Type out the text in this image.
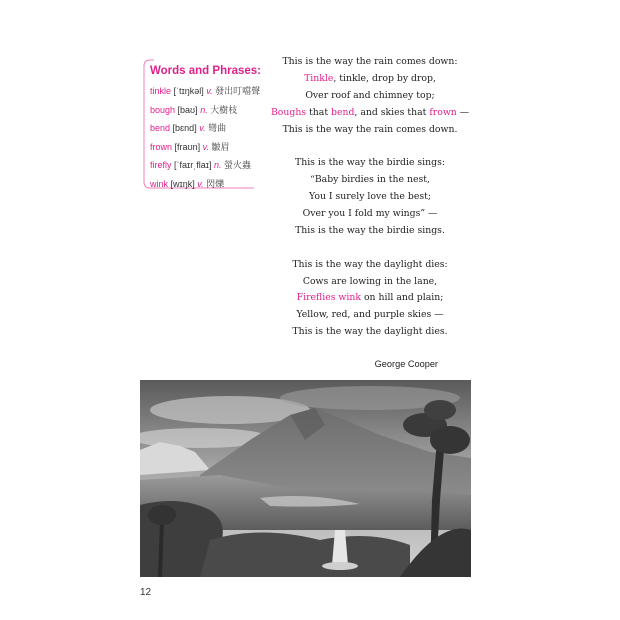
Words and Phrases:
tinkle [ˈtɪŋkəl] v. 發出叮噹聲
bough [baʊ] n. 大樹枝
bend [bɛnd] v. 彎曲
frown [fraʊn] v. 皺眉
firefly [ˈfaɪrˌflaɪ] n. 螢火蟲
wink [wɪŋk] v. 閃爍
This is the way the rain comes down:
Tinkle, tinkle, drop by drop,
Over roof and chimney top;
Boughs that bend, and skies that frown —
This is the way the rain comes down.
This is the way the birdie sings:
“Baby birdies in the nest,
You I surely love the best;
Over you I fold my wings” —
This is the way the birdie sings.
This is the way the daylight dies:
Cows are lowing in the lane,
Fireflies wink on hill and plain;
Yellow, red, and purple skies —
This is the way the daylight dies.
George Cooper
12
